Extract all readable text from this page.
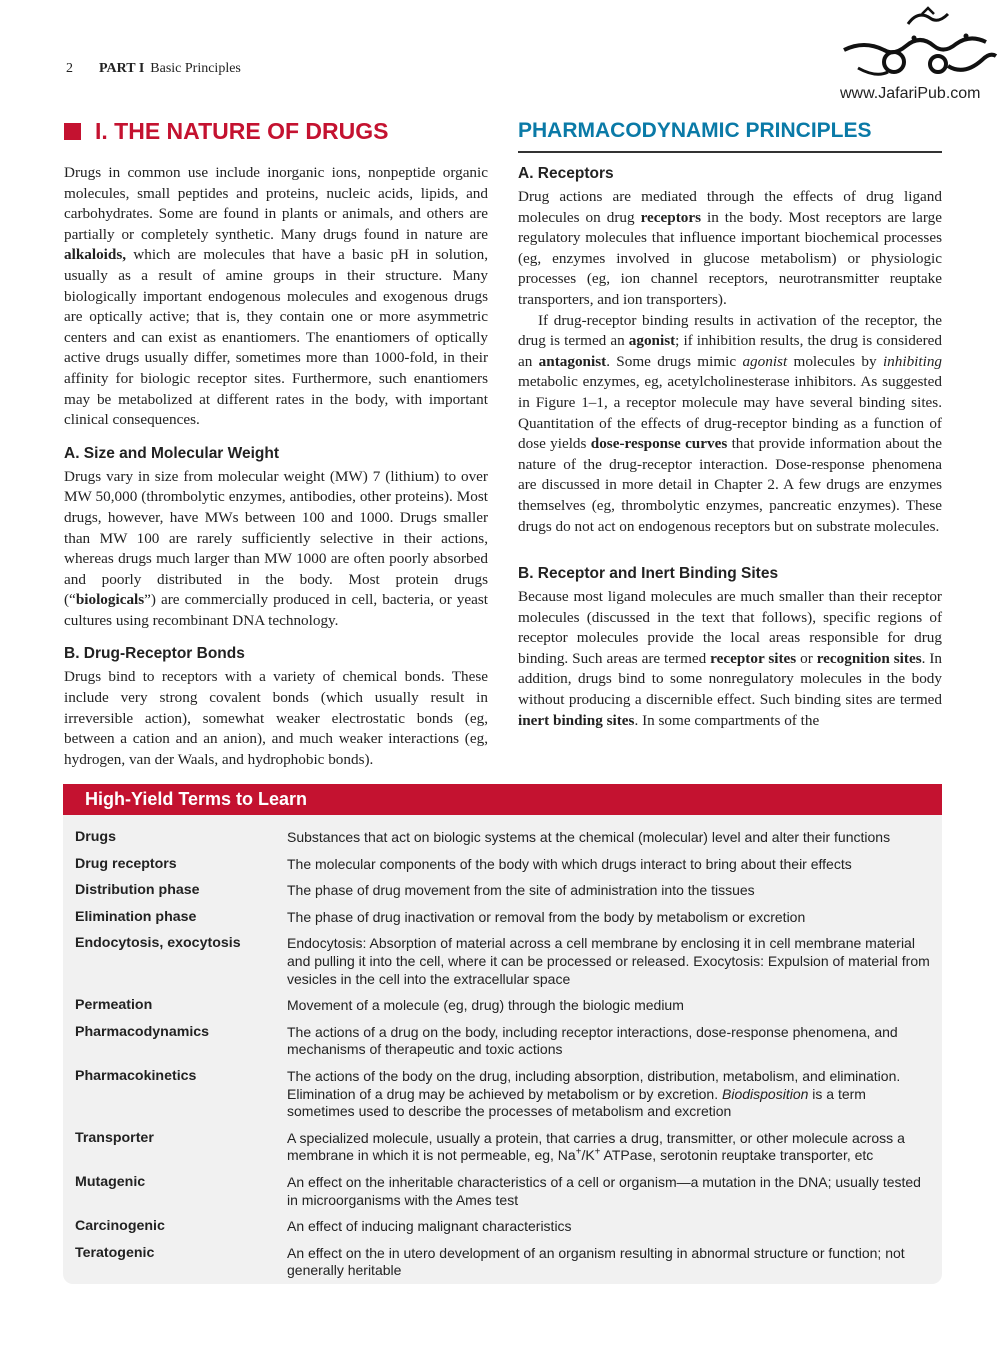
2 PART I Basic Principles
www.JafariPub.com
I. THE NATURE OF DRUGS

Drugs in common use include inorganic ions, nonpeptide organic molecules, small peptides and proteins, nucleic acids, lipids, and carbohydrates. Some are found in plants or animals, and others are partially or completely synthetic. Many drugs found in nature are alkaloids, which are molecules that have a basic pH in solution, usually as a result of amine groups in their structure. Many biologically important endogenous molecules and exogenous drugs are optically active; that is, they contain one or more asymmetric centers and can exist as enantiomers. The enantiomers of optically active drugs usually differ, sometimes more than 1000-fold, in their affinity for biologic receptor sites. Furthermore, such enantiomers may be metabolized at different rates in the body, with important clinical consequences.

A. Size and Molecular Weight

Drugs vary in size from molecular weight (MW) 7 (lithium) to over MW 50,000 (thrombolytic enzymes, antibodies, other proteins). Most drugs, however, have MWs between 100 and 1000. Drugs smaller than MW 100 are rarely sufficiently selective in their actions, whereas drugs much larger than MW 1000 are often poorly absorbed and poorly distributed in the body. Most protein drugs (“biologicals”) are commercially produced in cell, bacteria, or yeast cultures using recombinant DNA technology.

B. Drug-Receptor Bonds

Drugs bind to receptors with a variety of chemical bonds. These include very strong covalent bonds (which usually result in irreversible action), somewhat weaker electrostatic bonds (eg, between a cation and an anion), and much weaker interactions (eg, hydrogen, van der Waals, and hydrophobic bonds).

PHARMACODYNAMIC PRINCIPLES
A. Receptors

Drug actions are mediated through the effects of drug ligand molecules on drug receptors in the body. Most receptors are large regulatory molecules that influence important biochemical processes (eg, enzymes involved in glucose metabolism) or physiologic processes (eg, ion channel receptors, neurotransmitter reuptake transporters, and ion transporters).

If drug-receptor binding results in activation of the receptor, the drug is termed an agonist; if inhibition results, the drug is considered an antagonist. Some drugs mimic agonist molecules by inhibiting metabolic enzymes, eg, acetylcholinesterase inhibitors. As suggested in Figure 1–1, a receptor molecule may have several binding sites. Quantitation of the effects of drug-receptor binding as a function of dose yields dose-response curves that provide information about the nature of the drug-receptor interaction. Dose-response phenomena are discussed in more detail in Chapter 2. A few drugs are enzymes themselves (eg, thrombolytic enzymes, pancreatic enzymes). These drugs do not act on endogenous receptors but on substrate molecules.

B. Receptor and Inert Binding Sites

Because most ligand molecules are much smaller than their receptor molecules (discussed in the text that follows), specific regions of receptor molecules provide the local areas responsible for drug binding. Such areas are termed receptor sites or recognition sites. In addition, drugs bind to some nonregulatory molecules in the body without producing a discernible effect. Such binding sites are termed inert binding sites. In some compartments of the

High-Yield Terms to Learn
Drugs	Substances that act on biologic systems at the chemical (molecular) level and alter their functions
Drug receptors	The molecular components of the body with which drugs interact to bring about their effects
Distribution phase	The phase of drug movement from the site of administration into the tissues
Elimination phase	The phase of drug inactivation or removal from the body by metabolism or excretion
Endocytosis, exocytosis	Endocytosis: Absorption of material across a cell membrane by enclosing it in cell membrane material and pulling it into the cell, where it can be processed or released. Exocytosis: Expulsion of material from vesicles in the cell into the extracellular space
Permeation	Movement of a molecule (eg, drug) through the biologic medium
Pharmacodynamics	The actions of a drug on the body, including receptor interactions, dose-response phenomena, and mechanisms of therapeutic and toxic actions
Pharmacokinetics	The actions of the body on the drug, including absorption, distribution, metabolism, and elimination. Elimination of a drug may be achieved by metabolism or by excretion. Biodisposition is a term sometimes used to describe the processes of metabolism and excretion
Transporter	A specialized molecule, usually a protein, that carries a drug, transmitter, or other molecule across a membrane in which it is not permeable, eg, Na+/K+ ATPase, serotonin reuptake transporter, etc
Mutagenic	An effect on the inheritable characteristics of a cell or organism—a mutation in the DNA; usually tested in microorganisms with the Ames test
Carcinogenic	An effect of inducing malignant characteristics
Teratogenic	An effect on the in utero development of an organism resulting in abnormal structure or function; not generally heritable
